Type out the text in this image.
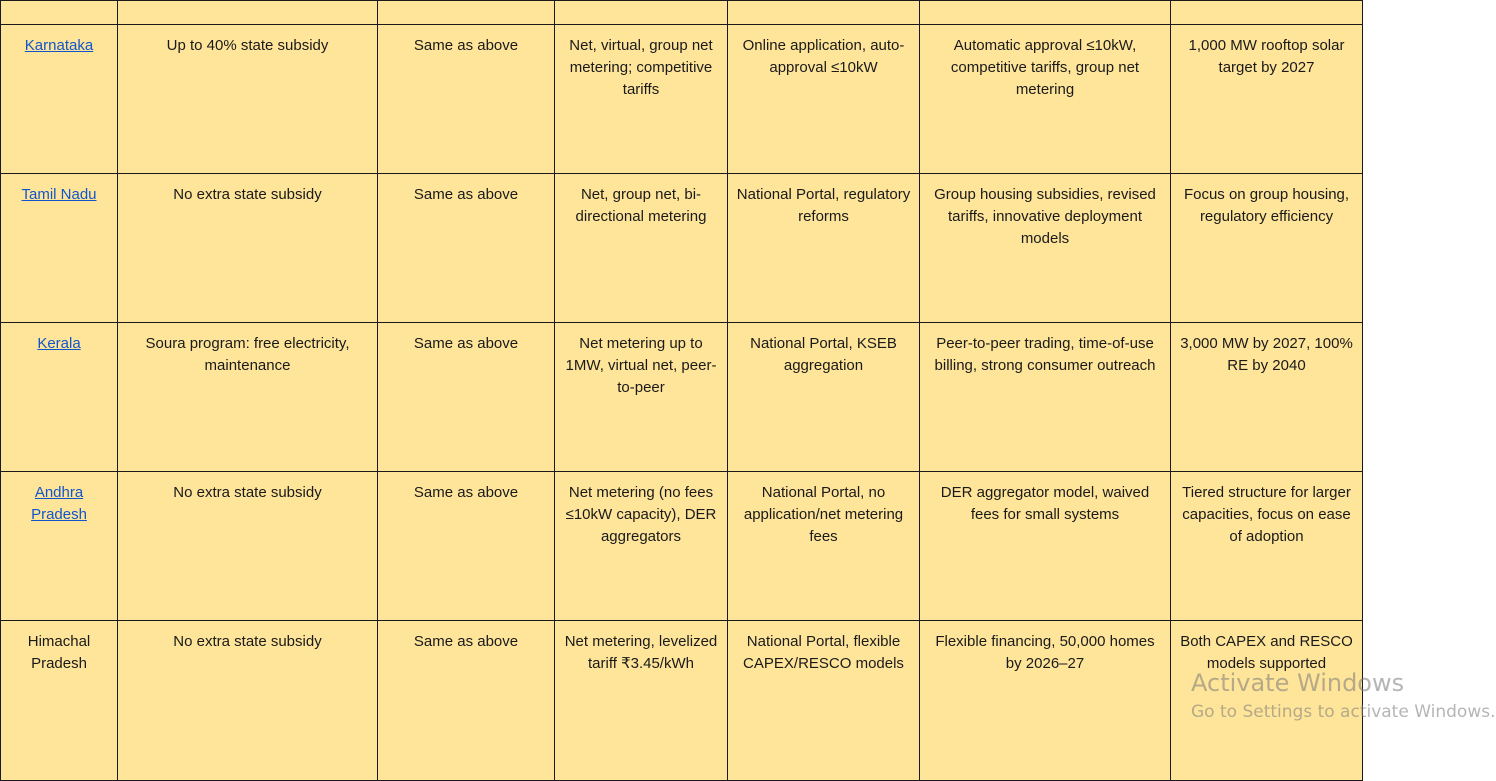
Karnataka	Up to 40% state subsidy	Same as above	Net, virtual, group net metering; competitive tariffs	Online application, auto-approval ≤10kW	Automatic approval ≤10kW, competitive tariffs, group net metering	1,000 MW rooftop solar target by 2027
Tamil Nadu	No extra state subsidy	Same as above	Net, group net, bi-directional metering	National Portal, regulatory reforms	Group housing subsidies, revised tariffs, innovative deployment models	Focus on group housing, regulatory efficiency
Kerala	Soura program: free electricity, maintenance	Same as above	Net metering up to 1MW, virtual net, peer-to-peer	National Portal, KSEB aggregation	Peer-to-peer trading, time-of-use billing, strong consumer outreach	3,000 MW by 2027, 100% RE by 2040
Andhra Pradesh	No extra state subsidy	Same as above	Net metering (no fees ≤10kW capacity), DER aggregators	National Portal, no application/net metering fees	DER aggregator model, waived fees for small systems	Tiered structure for larger capacities, focus on ease of adoption
Himachal Pradesh	No extra state subsidy	Same as above	Net metering, levelized tariff ₹3.45/kWh	National Portal, flexible CAPEX/RESCO models	Flexible financing, 50,000 homes by 2026–27	Both CAPEX and RESCO models supported
Activate Windows
Go to Settings to activate Windows.
